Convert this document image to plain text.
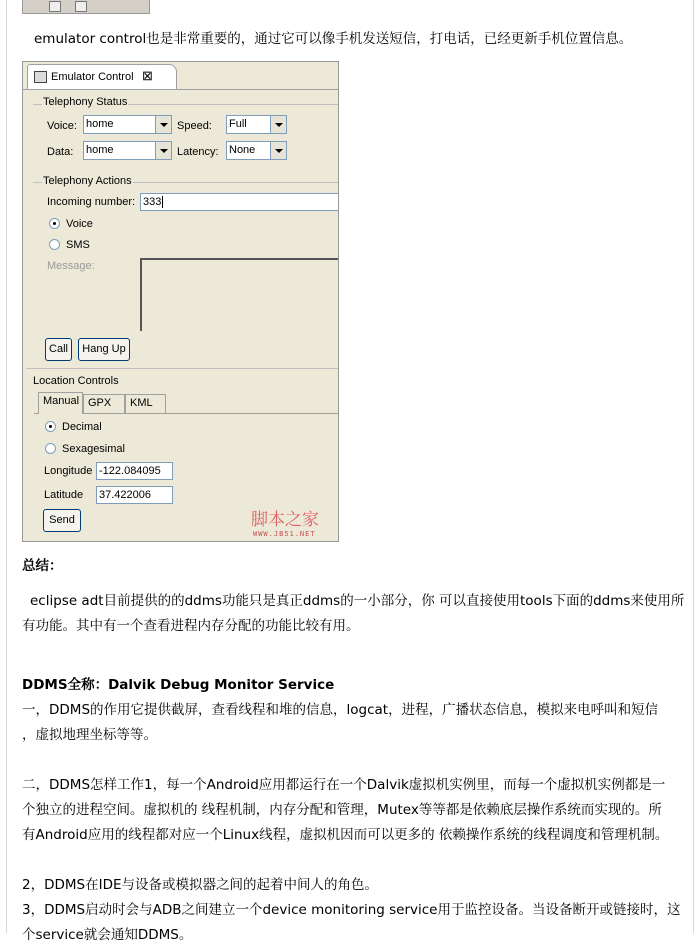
emulator control也是非常重要的，通过它可以像手机发送短信，打电话，已经更新手机位置信息。
Emulator Control ⊠
Telephony Status
Voice: home	Speed: Full
Data: home	Latency: None
Telephony Actions
Incoming number: 333
Voice
SMS
Message:
Call	Hang Up
Location Controls
Manual GPX	KML
Decimal
Sexagesimal
Longitude -122.084095
Latitude 37.422006
Send	脚本之家
WWW.JB51.NET
总结：
eclipse adt目前提供的的ddms功能只是真正ddms的一小部分，你 可以直接使用tools下面的ddms来使用所
有功能。其中有一个查看进程内存分配的功能比较有用。
DDMS全称：Dalvik Debug Monitor Service
一，DDMS的作用它提供截屏，查看线程和堆的信息，logcat，进程，广播状态信息，模拟来电呼叫和短信
，虚拟地理坐标等等。
二，DDMS怎样工作1，每一个Android应用都运行在一个Dalvik虚拟机实例里，而每一个虚拟机实例都是一
个独立的进程空间。虚拟机的 线程机制，内存分配和管理，Mutex等等都是依赖底层操作系统而实现的。所
有Android应用的线程都对应一个Linux线程，虚拟机因而可以更多的 依赖操作系统的线程调度和管理机制。
2，DDMS在IDE与设备或模拟器之间的起着中间人的角色。
3，DDMS启动时会与ADB之间建立一个device monitoring service用于监控设备。当设备断开或链接时，这
个service就会通知DDMS。
